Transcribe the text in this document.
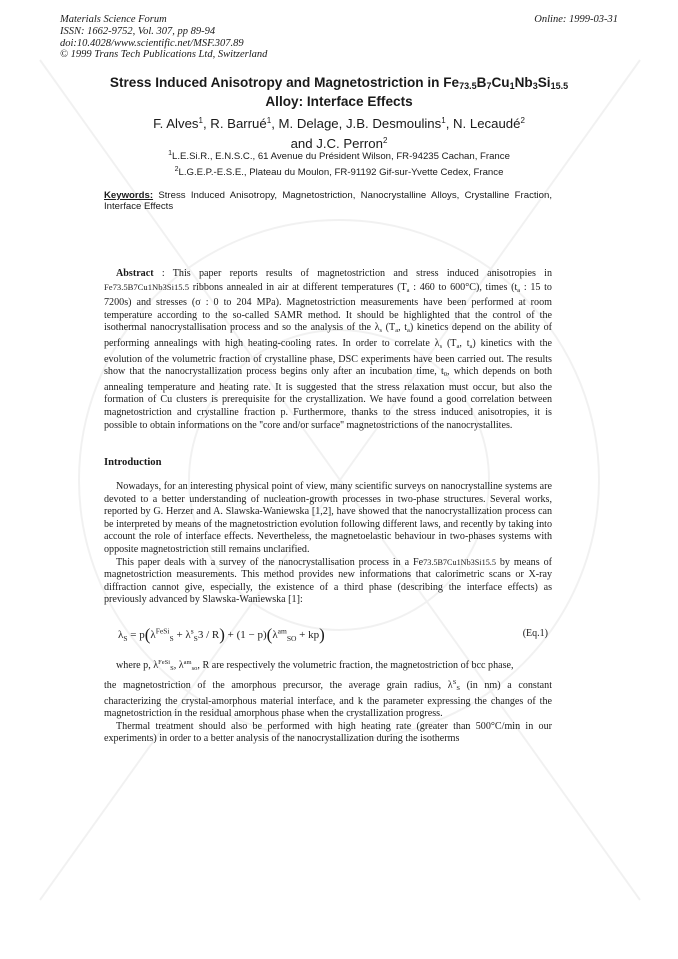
Materials Science Forum
ISSN: 1662-9752, Vol. 307, pp 89-94
doi:10.4028/www.scientific.net/MSF.307.89
© 1999 Trans Tech Publications Ltd, Switzerland
Online: 1999-03-31
Stress Induced Anisotropy and Magnetostriction in $Fe_{73.5}B_7Cu_1Nb_3Si_{15.5}$
Alloy: Interface Effects
F. Alves$^1$, R. Barrué$^1$, M. Delage, J.B. Desmoulins$^1$, N. Lecaudé$^2$
and J.C. Perron$^2$
$^1$L.E.Si.R., E.N.S.C., 61 Avenue du Président Wilson, FR-94235 Cachan, France
$^2$L.G.E.P.-E.S.E., Plateau du Moulon, FR-91192 Gif-sur-Yvette Cedex, France
Keywords: Stress Induced Anisotropy, Magnetostriction, Nanocrystalline Alloys, Crystalline Fraction, Interface Effects
Abstract : This paper reports results of magnetostriction and stress induced anisotropies in Fe73.5B7Cu1Nb3Si15.5 ribbons annealed in air at different temperatures ($T_a$ : 460 to 600°C), times ($t_a$ : 15 to 7200s) and stresses (σ : 0 to 204 MPa). Magnetostriction measurements have been performed at room temperature according to the so-called SAMR method. It should be highlighted that the control of the isothermal nanocrystallisation process and so the analysis of the $\lambda_s$ ($T_a$, $t_a$) kinetics depend on the ability of performing annealings with high heating-cooling rates. In order to correlate $\lambda_s$ ($T_a$, $t_a$) kinetics with the evolution of the volumetric fraction of crystalline phase, DSC experiments have been carried out. The results show that the nanocrystallization process begins only after an incubation time, $t_0$, which depends on both annealing temperature and heating rate. It is suggested that the stress relaxation must occur, but also the formation of Cu clusters is prerequisite for the crystallization. We have found a good correlation between magnetostriction and crystalline fraction p. Furthermore, thanks to the stress induced anisotropies, it is possible to obtain informations on the ''core and/or surface'' magnetostrictions of the nanocrystallites.
Introduction

Nowadays, for an interesting physical point of view, many scientific surveys on nanocrystalline systems are devoted to a better understanding of nucleation-growth processes in two-phase structures. Several works, reported by G. Herzer and A. Slawska-Waniewska [1,2], have showed that the nanocrystallization process can be interpreted by means of the magnetostriction evolution following different laws, and recently by taking into account the role of interface effects. Nevertheless, the magnetoelastic behaviour in two-phases systems with opposite magnetostriction still remains unclarified.

This paper deals with a survey of the nanocrystallisation process in a Fe73.5B7Cu1Nb3Si15.5 by means of magnetostriction measurements. This method provides new informations that calorimetric scans or X-ray diffraction cannot give, especially, the existence of a third phase (describing the interface effects) as previously advanced by Slawska-Waniewska [1]:

$\lambda_S = p(\lambda^{FeSi}_S + \lambda^s_S3 / R) + (1 - p)(\lambda^{am}_{SO} + kp)$	(Eq.1)

where p, $\lambda^{FeSi}_S$, $\lambda^{am}_{so}$, R are respectively the volumetric fraction, the magnetostriction of bcc phase,

the magnetostriction of the amorphous precursor, the average grain radius, $\lambda^S_S$ (in nm) a constant characterizing the crystal-amorphous material interface, and k the parameter expressing the changes of the magnetostriction in the residual amorphous phase when the crystallization progress.

Thermal treatment should also be performed with high heating rate (greater than 500°C/min in our experiments) in order to a better analysis of the nanocrystallization during the isotherms
